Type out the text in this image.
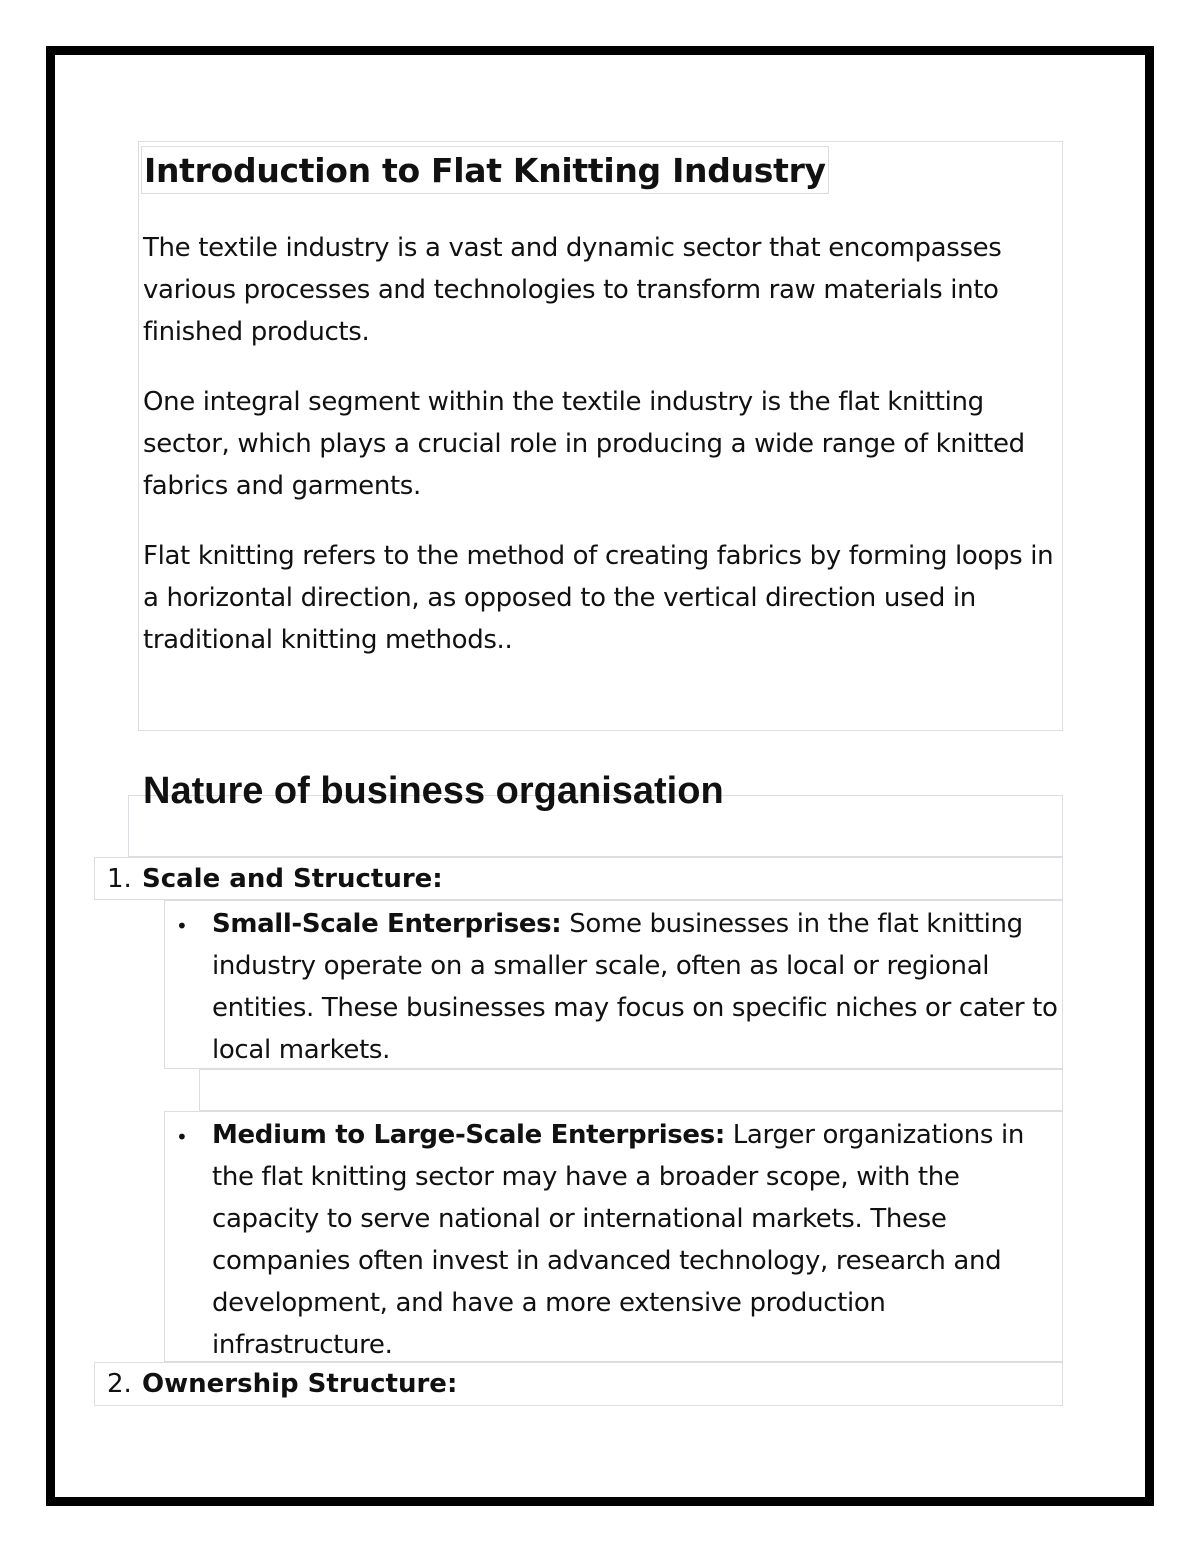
Introduction to Flat Knitting Industry

The textile industry is a vast and dynamic sector that encompasses various processes and technologies to transform raw materials into finished products.

One integral segment within the textile industry is the flat knitting sector, which plays a crucial role in producing a wide range of knitted fabrics and garments.

Flat knitting refers to the method of creating fabrics by forming loops in a horizontal direction, as opposed to the vertical direction used in traditional knitting methods..

Nature of business organisation
1. Scale and Structure:
• Small-Scale Enterprises: Some businesses in the flat knitting industry operate on a smaller scale, often as local or regional entities. These businesses may focus on specific niches or cater to local markets.

• Medium to Large-Scale Enterprises: Larger organizations in the flat knitting sector may have a broader scope, with the capacity to serve national or international markets. These companies often invest in advanced technology, research and development, and have a more extensive production infrastructure.

2. Ownership Structure:
